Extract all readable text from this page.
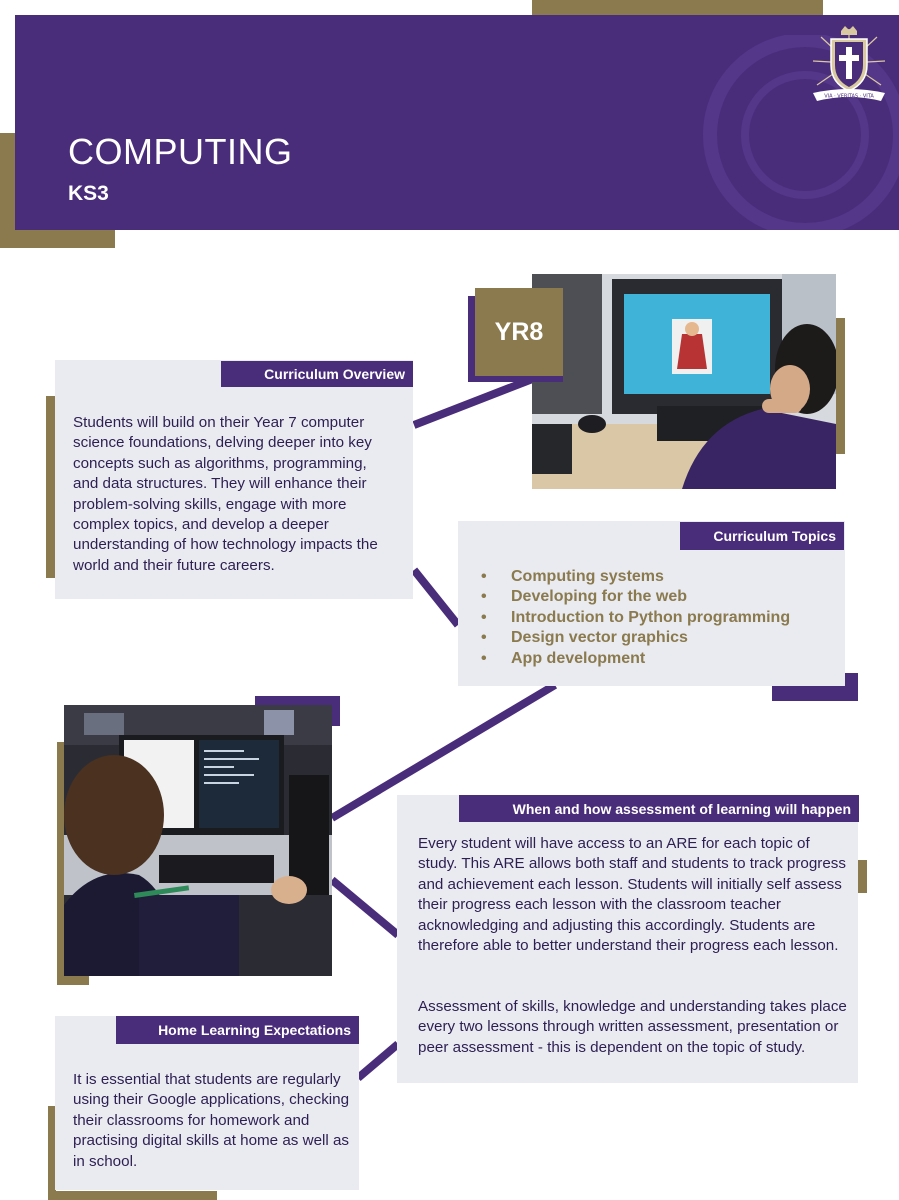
COMPUTING
KS3
VIA · VERITAS · VITA
YR8
Curriculum Overview

Students will build on their Year 7 computer science foundations, delving deeper into key concepts such as algorithms, programming, and data structures. They will enhance their problem-solving skills, engage with more complex topics, and develop a deeper understanding of how technology impacts the world and their future careers.

Curriculum Topics
• Computing systems
• Developing for the web
• Introduction to Python programming
• Design vector graphics
• App development
When and how assessment of learning will happen

Every student will have access to an ARE for each topic of study. This ARE allows both staff and students to track progress and achievement each lesson. Students will initially self assess their progress each lesson with the classroom teacher acknowledging and adjusting this accordingly. Students are therefore able to better understand their progress each lesson.

Assessment of skills, knowledge and understanding takes place every two lessons through written assessment, presentation or peer assessment - this is dependent on the topic of study.

Home Learning Expectations

It is essential that students are regularly using their Google applications, checking their classrooms for homework and practising digital skills at home as well as in school.
